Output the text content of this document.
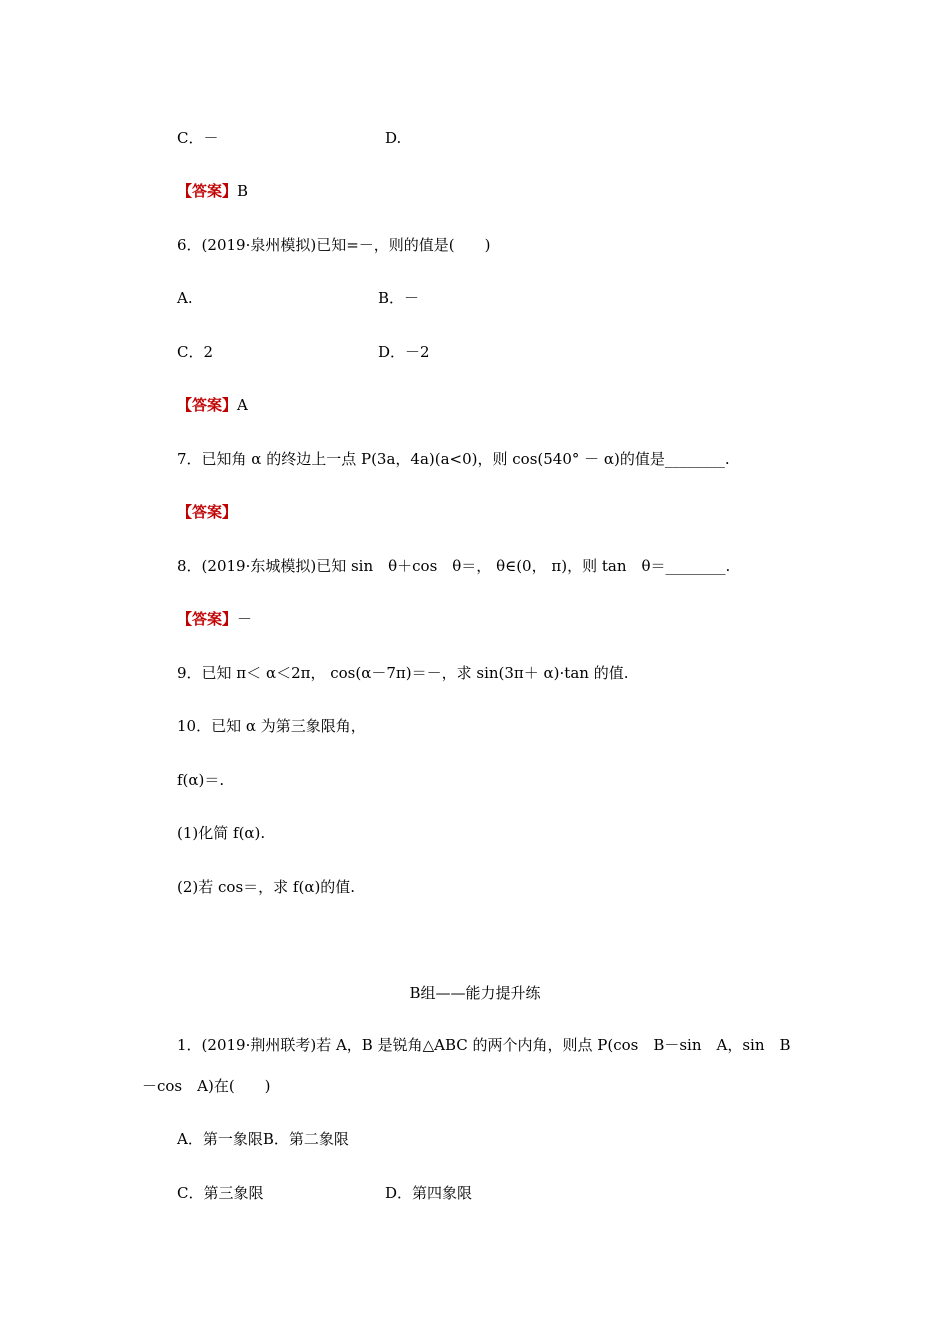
C．－	D.
【答案】B
6．(2019·泉州模拟)已知=－，则的值是(　　)
A.	B．－
C．2	D．－2
【答案】A
7．已知角 α 的终边上一点 P(3a，4a)(a<0)，则 cos(540° － α)的值是________.
【答案】
8．(2019·东城模拟)已知 sin　θ＋cos　θ＝， θ∈(0， π)，则 tan　θ＝________.
【答案】－
9．已知 π＜ α＜2π， cos(α－7π)＝－，求 sin(3π＋ α)·tan 的值.
10．已知 α 为第三象限角，
f(α)＝.
(1)化简 f(α).
(2)若 cos＝，求 f(α)的值.
B组——能力提升练
1．(2019·荆州联考)若 A，B 是锐角△ABC 的两个内角，则点 P(cos　B－sin　A，sin　B
－cos　A)在(　　)
A．第一象限B．第二象限
C．第三象限	D．第四象限
